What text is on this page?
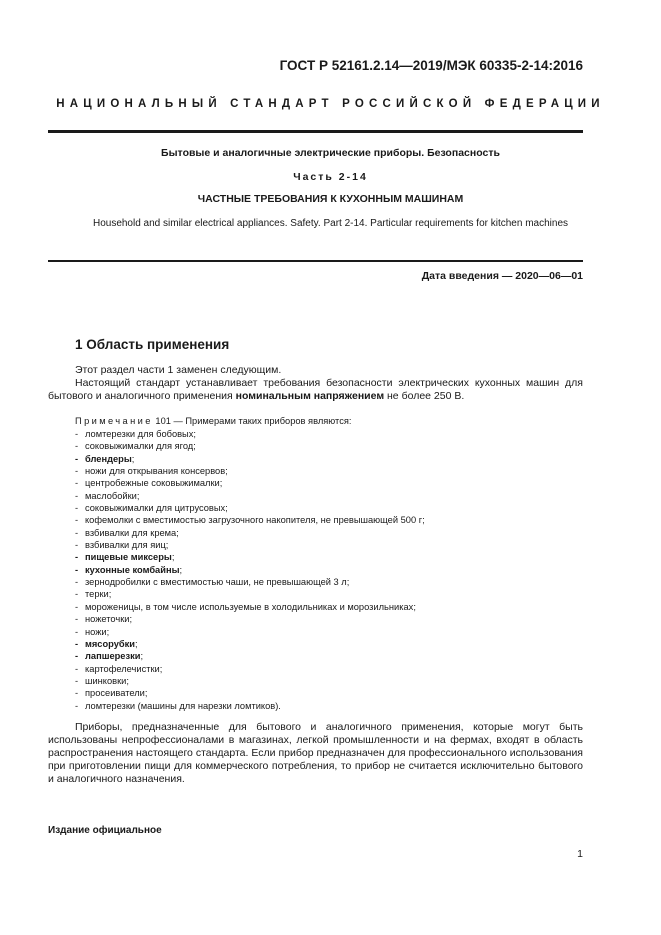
ГОСТ Р 52161.2.14—2019/МЭК 60335-2-14:2016
НАЦИОНАЛЬНЫЙ СТАНДАРТ РОССИЙСКОЙ ФЕДЕРАЦИИ
Бытовые и аналогичные электрические приборы. Безопасность
Часть 2-14
ЧАСТНЫЕ ТРЕБОВАНИЯ К КУХОННЫМ МАШИНАМ
Household and similar electrical appliances. Safety. Part 2-14. Particular requirements for kitchen machines
Дата введения — 2020—06—01
1 Область применения
Этот раздел части 1 заменен следующим.
Настоящий стандарт устанавливает требования безопасности электрических кухонных машин для бытового и аналогичного применения номинальным напряжением не более 250 В.
Примечание 101 — Примерами таких приборов являются:
- ломтерезки для бобовых;
- соковыжималки для ягод;
- блендеры;
- ножи для открывания консервов;
- центробежные соковыжималки;
- маслобойки;
- соковыжималки для цитрусовых;
- кофемолки с вместимостью загрузочного накопителя, не превышающей 500 г;
- взбивалки для крема;
- взбивалки для яиц;
- пищевые миксеры;
- кухонные комбайны;
- зернодробилки с вместимостью чаши, не превышающей 3 л;
- терки;
- мороженицы, в том числе используемые в холодильниках и морозильниках;
- ножеточки;
- ножи;
- мясорубки;
- лапшерезки;
- картофелечистки;
- шинковки;
- просеиватели;
- ломтерезки (машины для нарезки ломтиков).
Приборы, предназначенные для бытового и аналогичного применения, которые могут быть использованы непрофессионалами в магазинах, легкой промышленности и на фермах, входят в область распространения настоящего стандарта. Если прибор предназначен для профессионального использования при приготовлении пищи для коммерческого потребления, то прибор не считается исключительно бытового и аналогичного назначения.
Издание официальное
1
